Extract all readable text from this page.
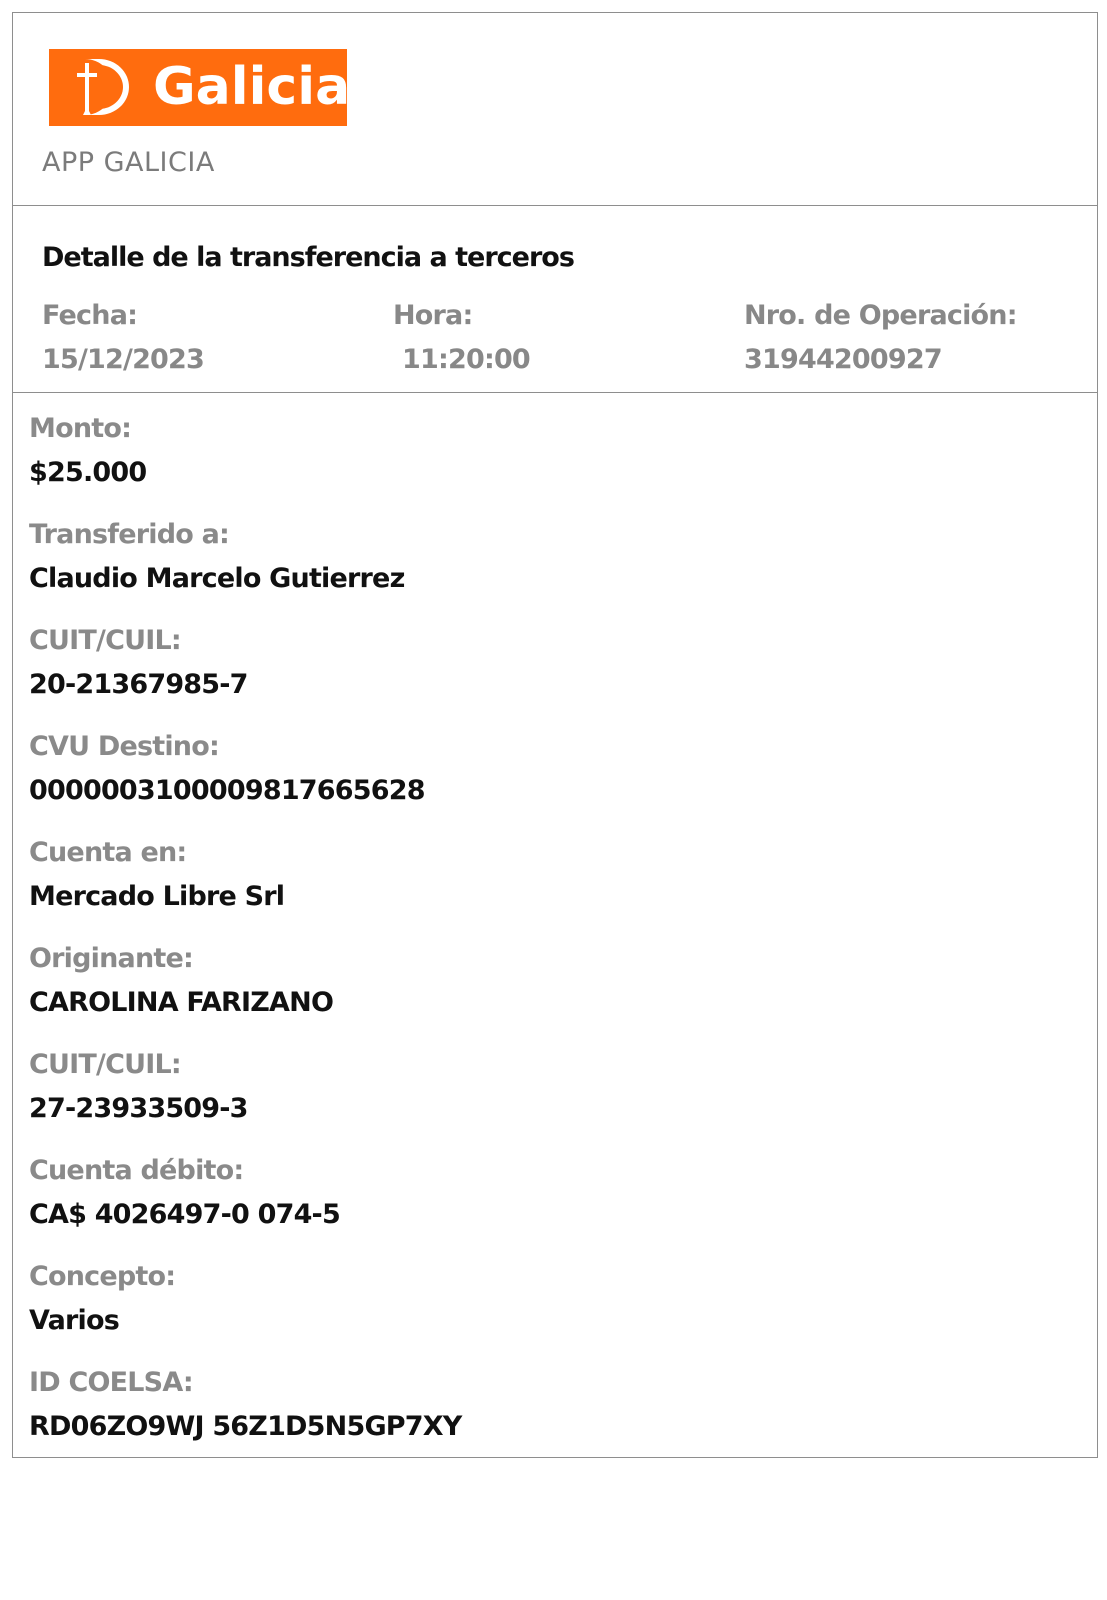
Galicia
APP GALICIA
Detalle de la transferencia a terceros
Fecha:
15/12/2023
Hora:
11:20:00
Nro. de Operación:
31944200927
Monto:
$25.000
Transferido a:
Claudio Marcelo Gutierrez
CUIT/CUIL:
20-21367985-7
CVU Destino:
0000003100009817665628
Cuenta en:
Mercado Libre Srl
Originante:
CAROLINA FARIZANO
CUIT/CUIL:
27-23933509-3
Cuenta débito:
CA$ 4026497-0 074-5
Concepto:
Varios
ID COELSA:
RD06ZO9WJ 56Z1D5N5GP7XY
